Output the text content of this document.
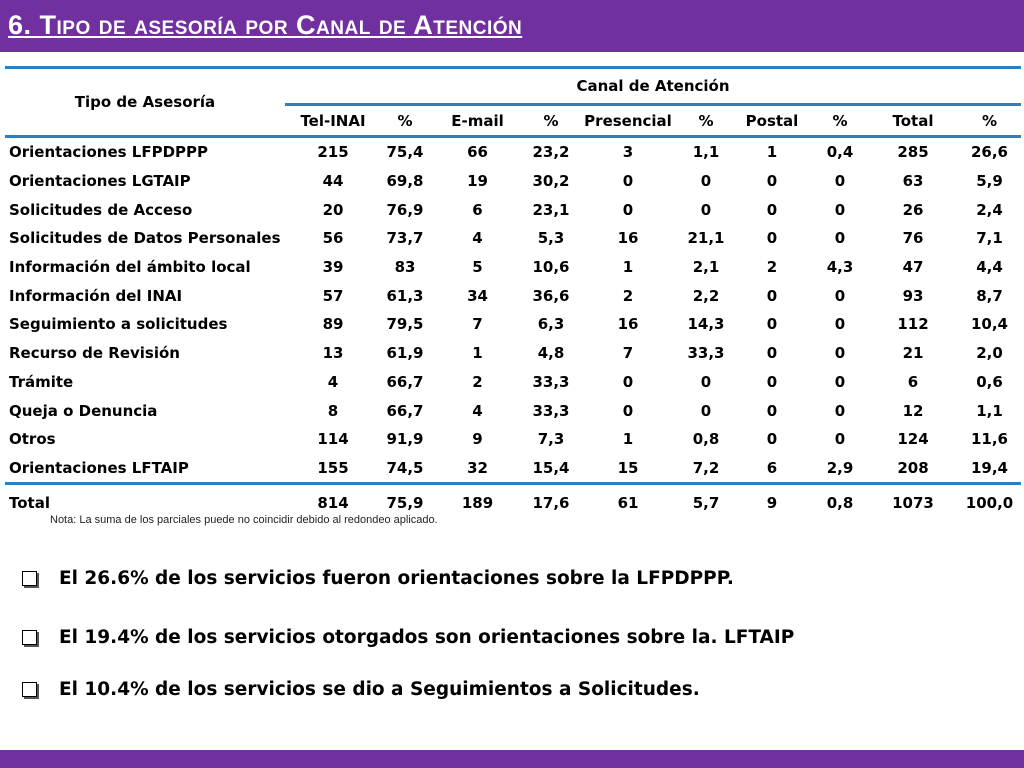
6. Tipo de asesoría por Canal de Atención
Tipo de Asesoría	Canal de Atención									
	Tel-INAI	%	E-mail	%	Presencial	%	Postal	%	Total	%
Orientaciones LFPDPPP	215	75,4	66	23,2	3	1,1	1	0,4	285	26,6
Orientaciones LGTAIP	44	69,8	19	30,2	0	0	0	0	63	5,9
Solicitudes de Acceso	20	76,9	6	23,1	0	0	0	0	26	2,4
Solicitudes de Datos Personales	56	73,7	4	5,3	16	21,1	0	0	76	7,1
Información del ámbito local	39	83	5	10,6	1	2,1	2	4,3	47	4,4
Información del INAI	57	61,3	34	36,6	2	2,2	0	0	93	8,7
Seguimiento a solicitudes	89	79,5	7	6,3	16	14,3	0	0	112	10,4
Recurso de Revisión	13	61,9	1	4,8	7	33,3	0	0	21	2,0
Trámite	4	66,7	2	33,3	0	0	0	0	6	0,6
Queja o Denuncia	8	66,7	4	33,3	0	0	0	0	12	1,1
Otros	114	91,9	9	7,3	1	0,8	0	0	124	11,6
Orientaciones LFTAIP	155	74,5	32	15,4	15	7,2	6	2,9	208	19,4
Total	814	75,9	189	17,6	61	5,7	9	0,8	1073	100,0
Nota: La suma de los parciales puede no coincidir debido al redondeo aplicado.
El 26.6% de los servicios fueron orientaciones sobre la LFPDPPP.
El 19.4% de los servicios otorgados son orientaciones sobre la. LFTAIP
El 10.4% de los servicios se dio a Seguimientos a Solicitudes.
